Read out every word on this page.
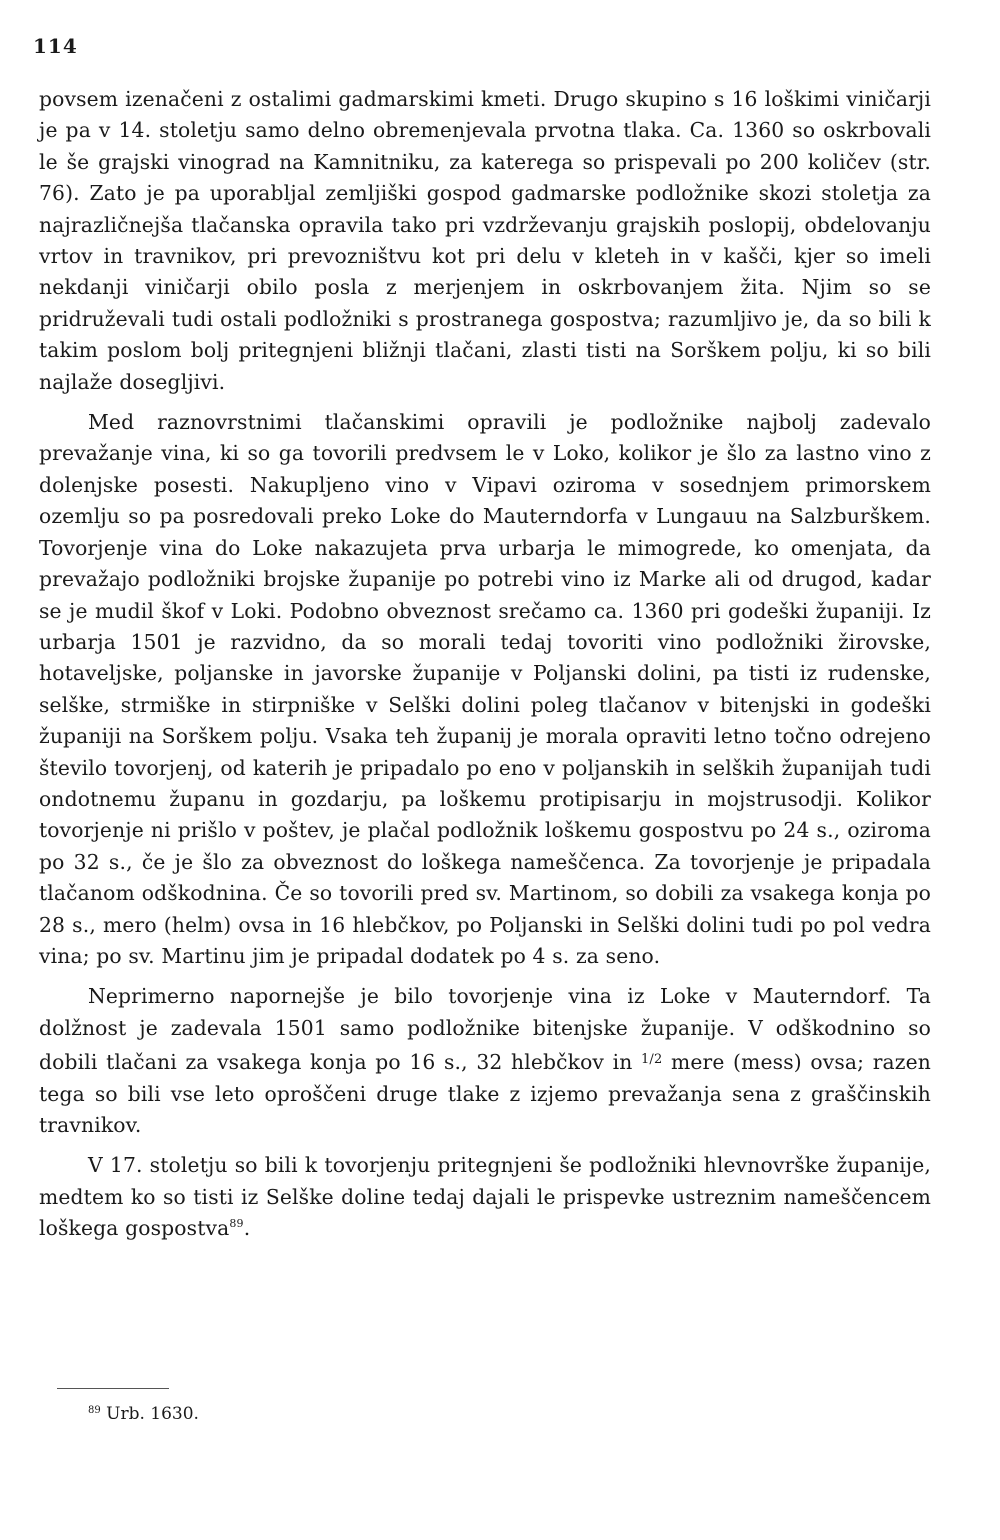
114

povsem izenačeni z ostalimi gadmarskimi kmeti. Drugo skupino s 16 loškimi viničarji je pa v 14. stoletju samo delno obremenjevala prvotna tlaka. Ca. 1360 so oskrbovali le še grajski vinograd na Kamnitniku, za katerega so prispevali po 200 količev (str. 76). Zato je pa uporabljal zemljiški gospod gadmarske podložnike skozi stoletja za najrazličnejša tlačanska opravila tako pri vzdrževanju grajskih poslopij, obdelovanju vrtov in travnikov, pri prevozništvu kot pri delu v kleteh in v kašči, kjer so imeli nekdanji viničarji obilo posla z merjenjem in oskrbovanjem žita. Njim so se pridruževali tudi ostali podložniki s prostranega gospostva; razumljivo je, da so bili k takim poslom bolj pritegnjeni bližnji tlačani, zlasti tisti na Sorškem polju, ki so bili najlaže dosegljivi.

Med raznovrstnimi tlačanskimi opravili je podložnike najbolj zadevalo prevažanje vina, ki so ga tovorili predvsem le v Loko, kolikor je šlo za lastno vino z dolenjske posesti. Nakupljeno vino v Vipavi oziroma v sosednjem primorskem ozemlju so pa posredovali preko Loke do Mauterndorfa v Lungauu na Salzburškem. Tovorjenje vina do Loke nakazujeta prva urbarja le mimogrede, ko omenjata, da prevažajo podložniki brojske županije po potrebi vino iz Marke ali od drugod, kadar se je mudil škof v Loki. Podobno obveznost srečamo ca. 1360 pri godeški županiji. Iz urbarja 1501 je razvidno, da so morali tedaj tovoriti vino podložniki žirovske, hotaveljske, poljanske in javorske županije v Poljanski dolini, pa tisti iz rudenske, selške, strmiške in stirpniške v Selški dolini poleg tlačanov v bitenjski in godeški županiji na Sorškem polju. Vsaka teh županij je morala opraviti letno točno odrejeno število tovorjenj, od katerih je pripadalo po eno v poljanskih in selških županijah tudi ondotnemu županu in gozdarju, pa loškemu protipisarju in mojstrusodji. Kolikor tovorjenje ni prišlo v poštev, je plačal podložnik loškemu gospostvu po 24 s., oziroma po 32 s., če je šlo za obveznost do loškega nameščenca. Za tovorjenje je pripadala tlačanom odškodnina. Če so tovorili pred sv. Martinom, so dobili za vsakega konja po 28 s., mero (helm) ovsa in 16 hlebčkov, po Poljanski in Selški dolini tudi po pol vedra vina; po sv. Martinu jim je pripadal dodatek po 4 s. za seno.

Neprimerno napornejše je bilo tovorjenje vina iz Loke v Mauterndorf. Ta dolžnost je zadevala 1501 samo podložnike bitenjske županije. V odškodnino so dobili tlačani za vsakega konja po 16 s., 32 hlebčkov in $^{1/2}$ mere (mess) ovsa; razen tega so bili vse leto oproščeni druge tlake z izjemo prevažanja sena z graščinskih travnikov.

V 17. stoletju so bili k tovorjenju pritegnjeni še podložniki hlevnovrške županije, medtem ko so tisti iz Selške doline tedaj dajali le prispevke ustreznim nameščencem loškega gospostva$^{89}$.

$^{89}$ Urb. 1630.
